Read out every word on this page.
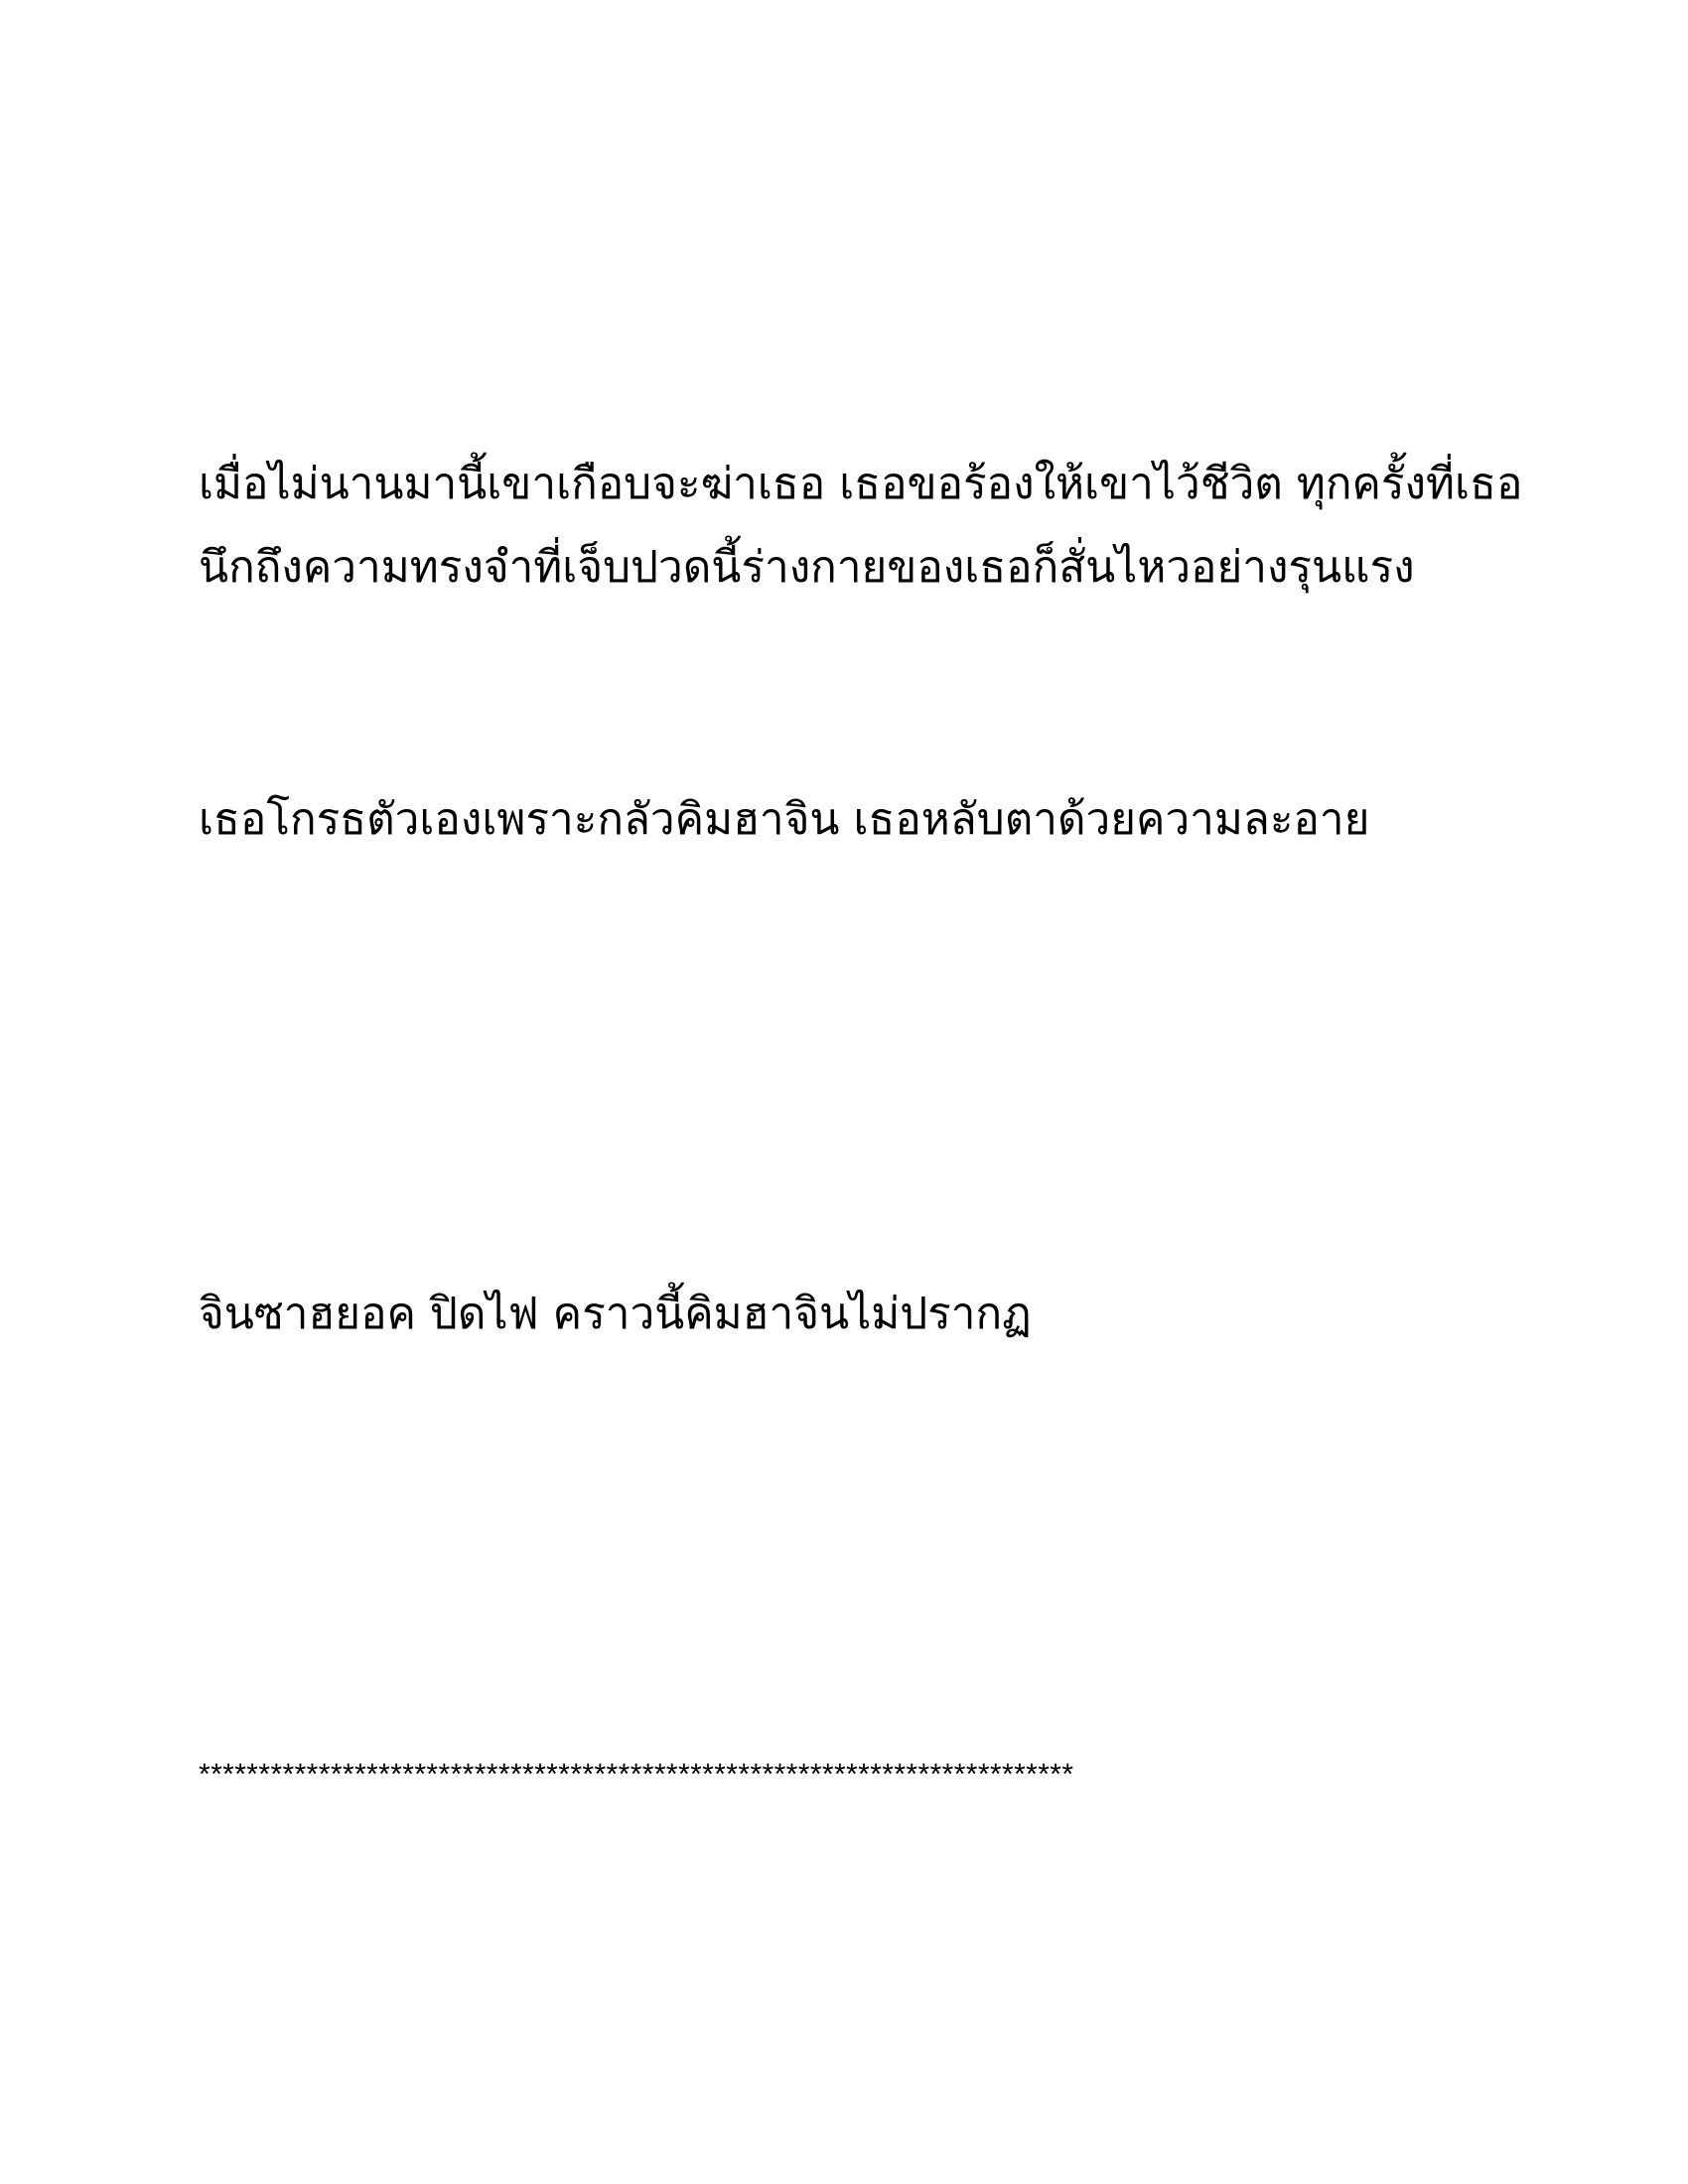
เมื่อไม่นานมานี้เขาเกือบจะฆ่าเธอ เธอขอร้องให้เขาไว้ชีวิต ทุกครั้งที่เธอ
นึกถึงความทรงจำที่เจ็บปวดนี้ร่างกายของเธอก็สั่นไหวอย่างรุนแรง

เธอโกรธตัวเองเพราะกลัวคิมฮาจิน เธอหลับตาด้วยความละอาย

จินซาฮยอค ปิดไฟ คราวนี้คิมฮาจินไม่ปรากฏ

*************************************************************************
